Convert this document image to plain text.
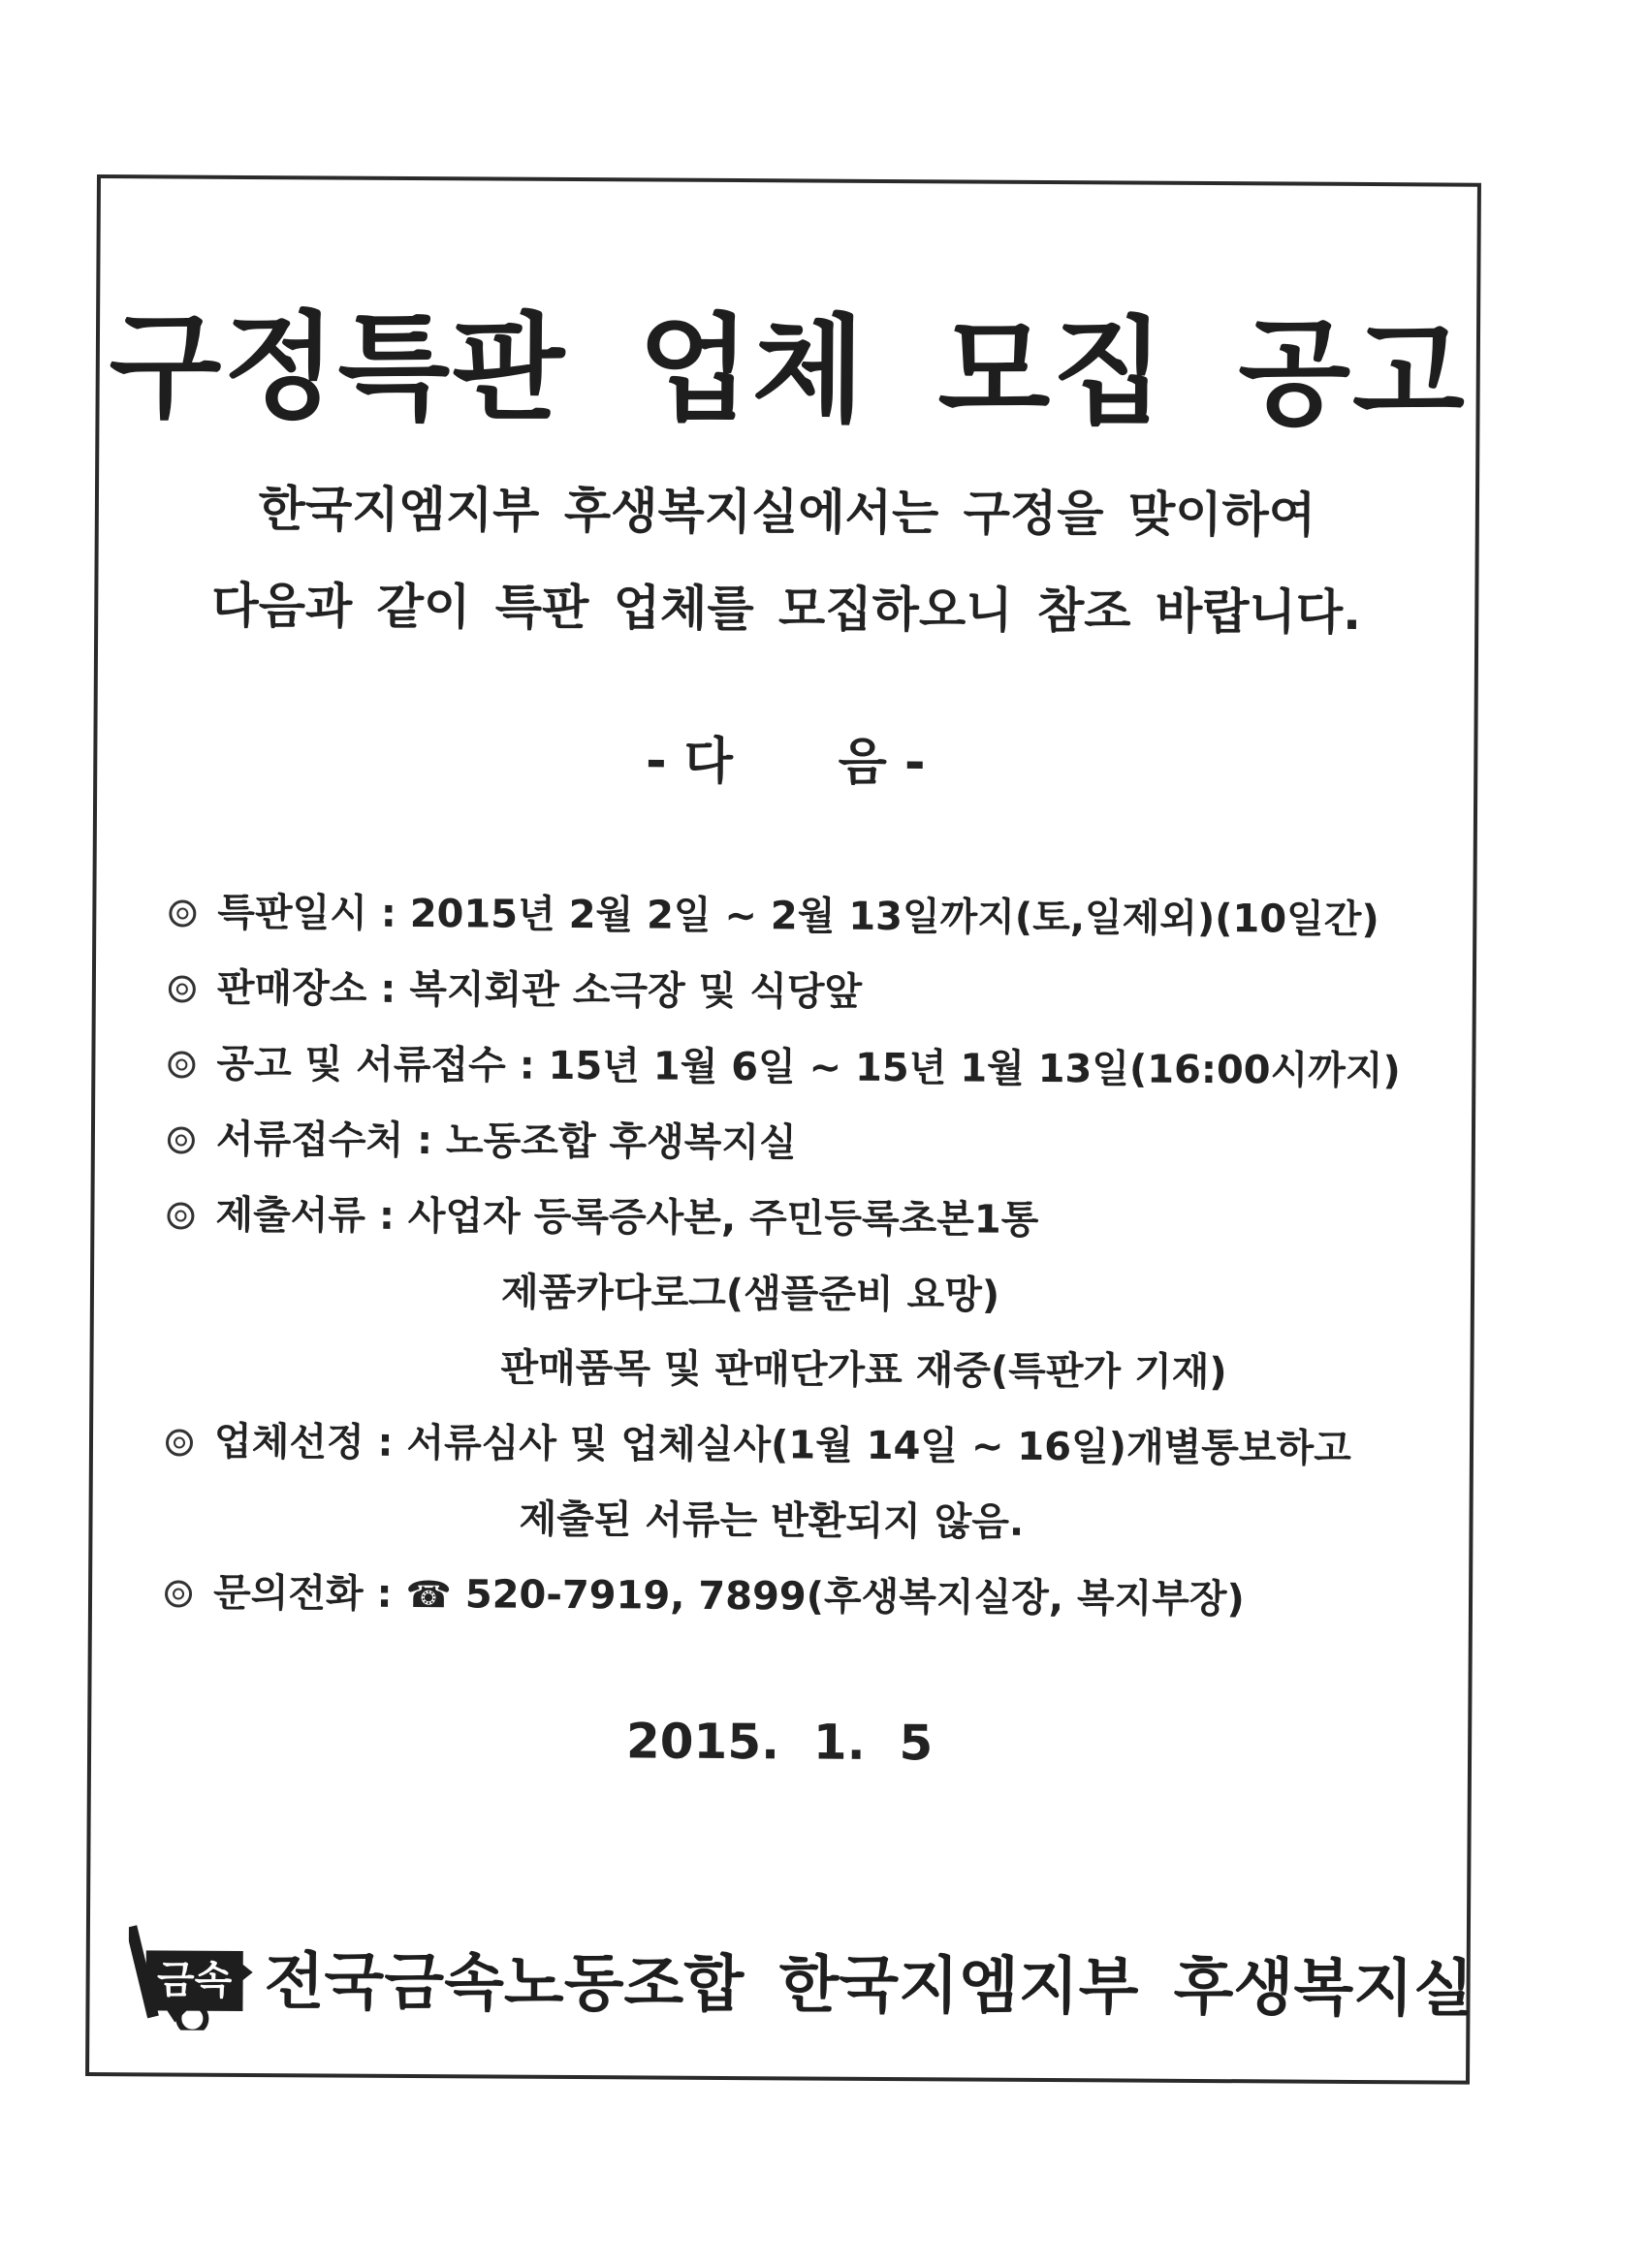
구정특판 업체 모집 공고
한국지엠지부 후생복지실에서는 구정을 맞이하여
다음과 같이 특판 업체를 모집하오니 참조 바랍니다.
- 다      음 -
특판일시 : 2015년 2월 2일 ~ 2월 13일까지(토,일제외)(10일간)
판매장소 : 복지회관 소극장 및 식당앞
공고 및 서류접수 : 15년 1월 6일 ~ 15년 1월 13일(16:00시까지)
서류접수처 : 노동조합 후생복지실
제출서류 : 사업자 등록증사본, 주민등록초본1통
제품카다로그(샘플준비 요망)
판매품목 및 판매단가표 재중(특판가 기재)
업체선정 : 서류심사 및 업체실사(1월 14일 ~ 16일)개별통보하고
제출된 서류는 반환되지 않음.
문의전화 : ☎ 520-7919, 7899(후생복지실장, 복지부장)
2015.  1.  5
금속 전국금속노동조합 한국지엠지부 후생복지실
